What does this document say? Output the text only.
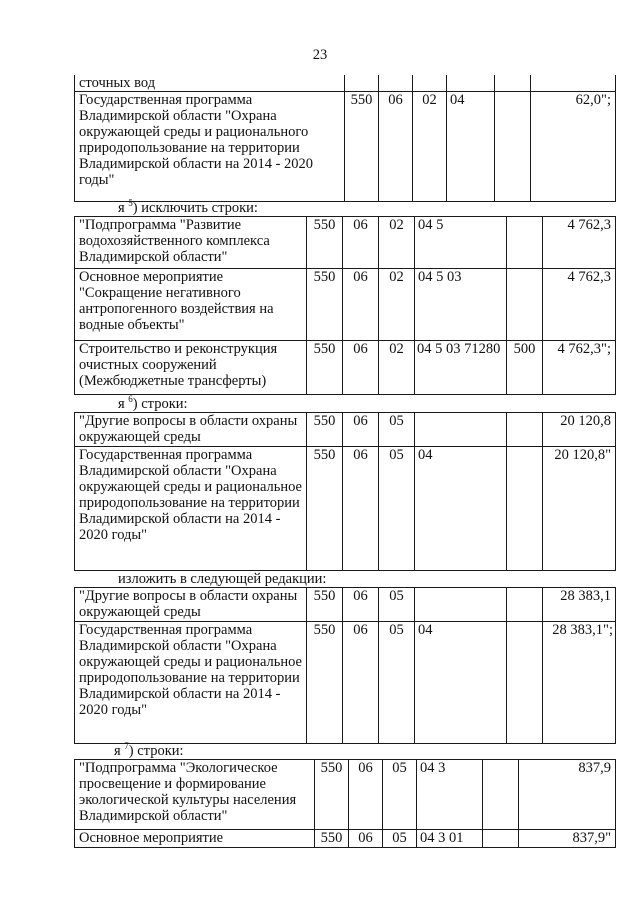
23
сточных вод						
Государственная программа Владимирской области "Охрана окружающей среды и рационального природопользование на территории Владимирской области на 2014 - 2020 годы"	550	06	02	04		62,0";
я $^5$) исключить строки:
"Подпрограмма "Развитие водохозяйственного комплекса Владимирской области"	550	06	02	04 5		4 762,3
Основное мероприятие "Сокращение негативного антропогенного воздействия на водные объекты"	550	06	02	04 5 03		4 762,3
Строительство и реконструкция очистных сооружений (Межбюджетные трансферты)	550	06	02	04 5 03 71280	500	4 762,3";
я $^6$) строки:
"Другие вопросы в области охраны окружающей среды	550	06	05			20 120,8
Государственная программа Владимирской области "Охрана окружающей среды и рациональное природопользование на территории Владимирской области на 2014 - 2020 годы"	550	06	05	04		20 120,8"
изложить в следующей редакции:
"Другие вопросы в области охраны окружающей среды	550	06	05			28 383,1
Государственная программа Владимирской области "Охрана окружающей среды и рациональное природопользование на территории Владимирской области на 2014 - 2020 годы"	550	06	05	04		28 383,1";
я $^7$) строки:
"Подпрограмма "Экологическое просвещение и формирование экологической культуры населения Владимирской области"	550	06	05	04 3		837,9
Основное мероприятие	550	06	05	04 3 01		837,9"
